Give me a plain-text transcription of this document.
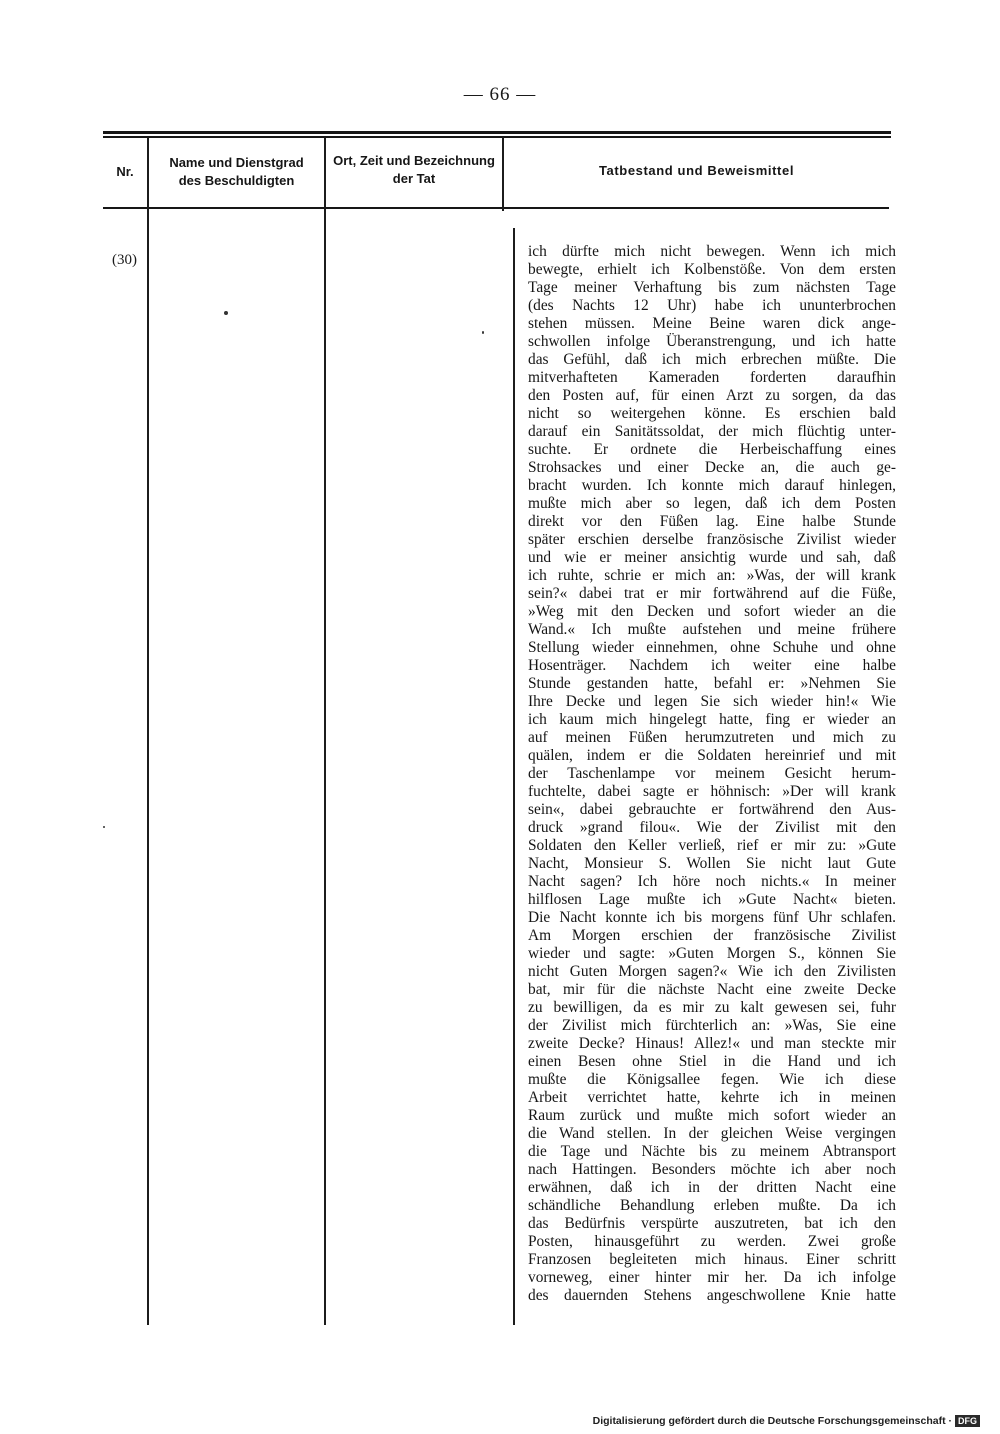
— 66 —
Nr.
Name und Dienstgrad
des Beschuldigten
Ort, Zeit und Bezeichnung
der Tat
Tatbestand und Beweismittel
(30)	ich dürfte mich nicht bewegen. Wenn ich mich
bewegte, erhielt ich Kolbenstöße. Von dem ersten
Tage meiner Verhaftung bis zum nächsten Tage
(des Nachts 12 Uhr) habe ich ununterbrochen
stehen müssen. Meine Beine waren dick ange-
schwollen infolge Überanstrengung, und ich hatte
das Gefühl, daß ich mich erbrechen müßte. Die
mitverhafteten Kameraden forderten daraufhin
den Posten auf, für einen Arzt zu sorgen, da das
nicht so weitergehen könne. Es erschien bald
darauf ein Sanitätssoldat, der mich flüchtig unter-
suchte. Er ordnete die Herbeischaffung eines
Strohsackes und einer Decke an, die auch ge-
bracht wurden. Ich konnte mich darauf hinlegen,
mußte mich aber so legen, daß ich dem Posten
direkt vor den Füßen lag. Eine halbe Stunde
später erschien derselbe französische Zivilist wieder
und wie er meiner ansichtig wurde und sah, daß
ich ruhte, schrie er mich an: »Was, der will krank
sein?« dabei trat er mir fortwährend auf die Füße,
»Weg mit den Decken und sofort wieder an die
Wand.« Ich mußte aufstehen und meine frühere
Stellung wieder einnehmen, ohne Schuhe und ohne
Hosenträger. Nachdem ich weiter eine halbe
Stunde gestanden hatte, befahl er: »Nehmen Sie
Ihre Decke und legen Sie sich wieder hin!« Wie
ich kaum mich hingelegt hatte, fing er wieder an
auf meinen Füßen herumzutreten und mich zu
quälen, indem er die Soldaten hereinrief und mit
der Taschenlampe vor meinem Gesicht herum-
fuchtelte, dabei sagte er höhnisch: »Der will krank
sein«, dabei gebrauchte er fortwährend den Aus-
druck »grand filou«. Wie der Zivilist mit den
Soldaten den Keller verließ, rief er mir zu: »Gute
Nacht, Monsieur S. Wollen Sie nicht laut Gute
Nacht sagen? Ich höre noch nichts.« In meiner
hilflosen Lage mußte ich »Gute Nacht« bieten.
Die Nacht konnte ich bis morgens fünf Uhr schlafen.
Am Morgen erschien der französische Zivilist
wieder und sagte: »Guten Morgen S., können Sie
nicht Guten Morgen sagen?« Wie ich den Zivilisten
bat, mir für die nächste Nacht eine zweite Decke
zu bewilligen, da es mir zu kalt gewesen sei, fuhr
der Zivilist mich fürchterlich an: »Was, Sie eine
zweite Decke? Hinaus! Allez!« und man steckte mir
einen Besen ohne Stiel in die Hand und ich
mußte die Königsallee fegen. Wie ich diese
Arbeit verrichtet hatte, kehrte ich in meinen
Raum zurück und mußte mich sofort wieder an
die Wand stellen. In der gleichen Weise vergingen
die Tage und Nächte bis zu meinem Abtransport
nach Hattingen. Besonders möchte ich aber noch
erwähnen, daß ich in der dritten Nacht eine
schändliche Behandlung erleben mußte. Da ich
das Bedürfnis verspürte auszutreten, bat ich den
Posten, hinausgeführt zu werden. Zwei große
Franzosen begleiteten mich hinaus. Einer schritt
vorneweg, einer hinter mir her. Da ich infolge
des dauernden Stehens angeschwollene Knie hatte
Digitalisierung gefördert durch die Deutsche Forschungsgemeinschaft · DFG
